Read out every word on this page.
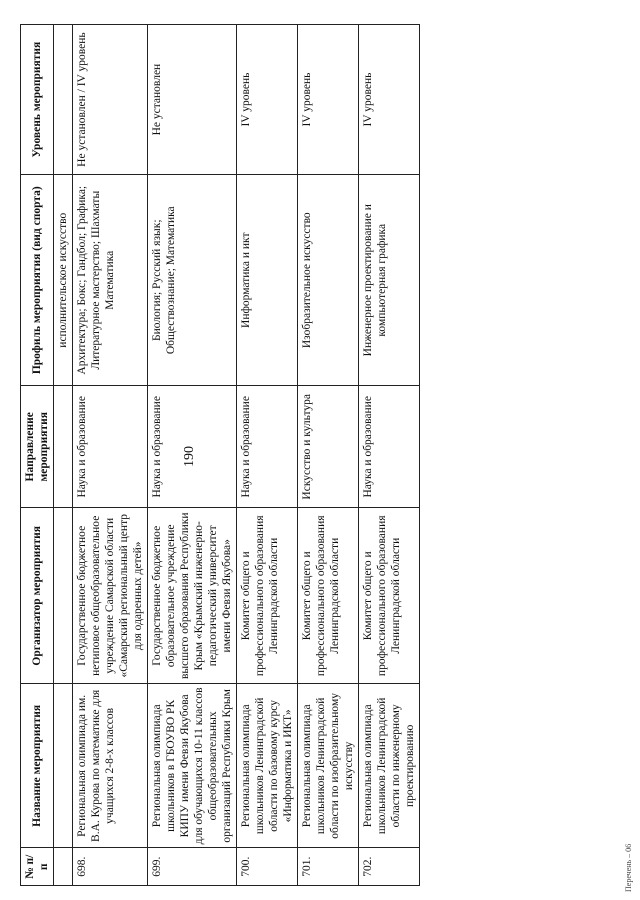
190
№ п/п	Название мероприятия	Организатор мероприятия	Направление мероприятия	Профиль мероприятия (вид спорта)	Уровень мероприятия
				исполнительское искусство	
698.	Региональная олимпиада им. В.А. Курова по математике для учащихся 2-8-х классов	Государственное бюджетное нетиповое общеобразовательное учреждение Самарской области «Самарский региональный центр для одаренных детей»	Наука и образование	Архитектура; Бокс; Гандбол; Графика; Литературное мастерство; Шахматы Математика	Не установлен / IV уровень
699.	Региональная олимпиада школьников в ГБОУВО РК КИПУ имени Февзи Якубова для обучающихся 10-11 классов общеобразовательных организаций Республики Крым	Государственное бюджетное образовательное учреждение высшего образования Республики Крым «Крымский инженерно-педагогический университет имени Февзи Якубова»	Наука и образование	Биология; Русский язык; Обществознание; Математика	Не установлен
700.	Региональная олимпиада школьников Ленинградской области по базовому курсу «Информатика и ИКТ»	Комитет общего и профессионального образования Ленинградской области	Наука и образование	Информатика и икт	IV уровень
701.	Региональная олимпиада школьников Ленинградской области по изобразительному искусству	Комитет общего и профессионального образования Ленинградской области	Искусство и культура	Изобразительное искусство	IV уровень
702.	Региональная олимпиада школьников Ленинградской области по инженерному проектированию	Комитет общего и профессионального образования Ленинградской области	Наука и образование	Инженерное проектирование и компьютерная графика	IV уровень
Перечень – 06
